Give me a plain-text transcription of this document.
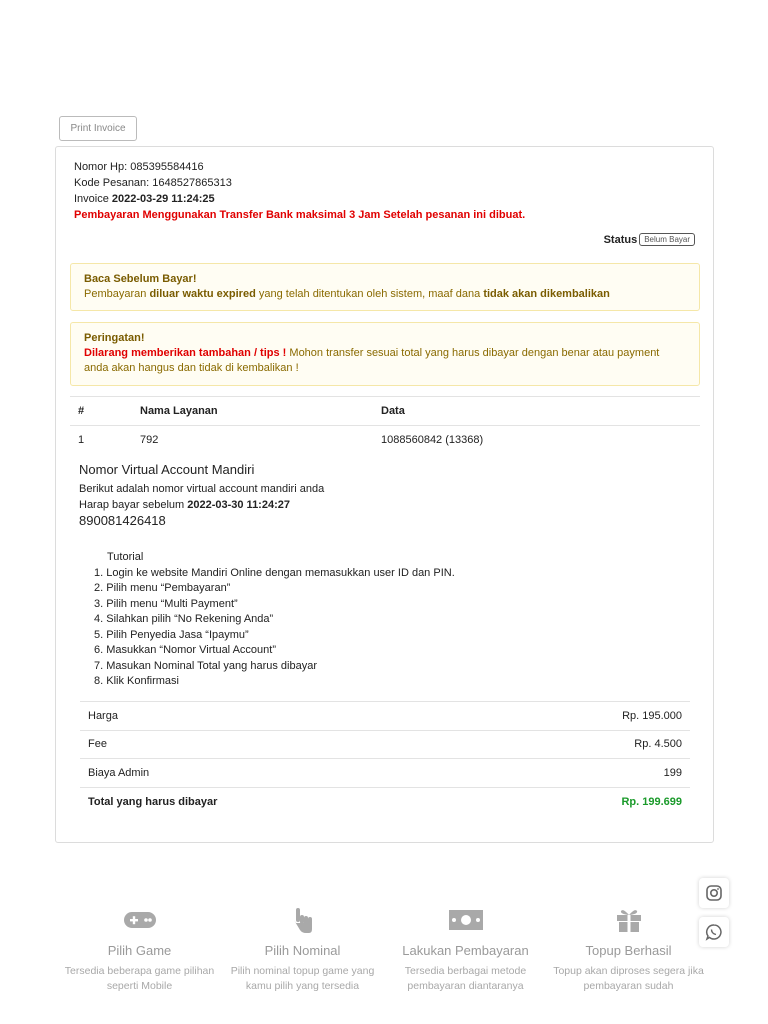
Print Invoice
Nomor Hp: 085395584416
Kode Pesanan: 1648527865313
Invoice 2022-03-29 11:24:25
Pembayaran Menggunakan Transfer Bank maksimal 3 Jam Setelah pesanan ini dibuat.
Status Belum Bayar
Baca Sebelum Bayar!
Pembayaran diluar waktu expired yang telah ditentukan oleh sistem, maaf dana tidak akan dikembalikan
Peringatan!
Dilarang memberikan tambahan / tips ! Mohon transfer sesuai total yang harus dibayar dengan benar atau payment anda akan hangus dan tidak di kembalikan !
#	Nama Layanan	Data
1	792	1088560842 (13368)
Nomor Virtual Account Mandiri
Berikut adalah nomor virtual account mandiri anda
Harap bayar sebelum 2022-03-30 11:24:27
890081426418
Tutorial
1. Login ke website Mandiri Online dengan memasukkan user ID dan PIN.
2. Pilih menu “Pembayaran”
3. Pilih menu “Multi Payment”
4. Silahkan pilih “No Rekening Anda”
5. Pilih Penyedia Jasa “Ipaymu”
6. Masukkan “Nomor Virtual Account”
7. Masukan Nominal Total yang harus dibayar
8. Klik Konfirmasi
Harga	Rp. 195.000
Fee	Rp. 4.500
Biaya Admin	199
Total yang harus dibayar	Rp. 199.699
Pilih Game
Tersedia beberapa game pilihan seperti Mobile
Pilih Nominal
Pilih nominal topup game yang kamu pilih yang tersedia
Lakukan Pembayaran
Tersedia berbagai metode pembayaran diantaranya
Topup Berhasil
Topup akan diproses segera jika pembayaran sudah
